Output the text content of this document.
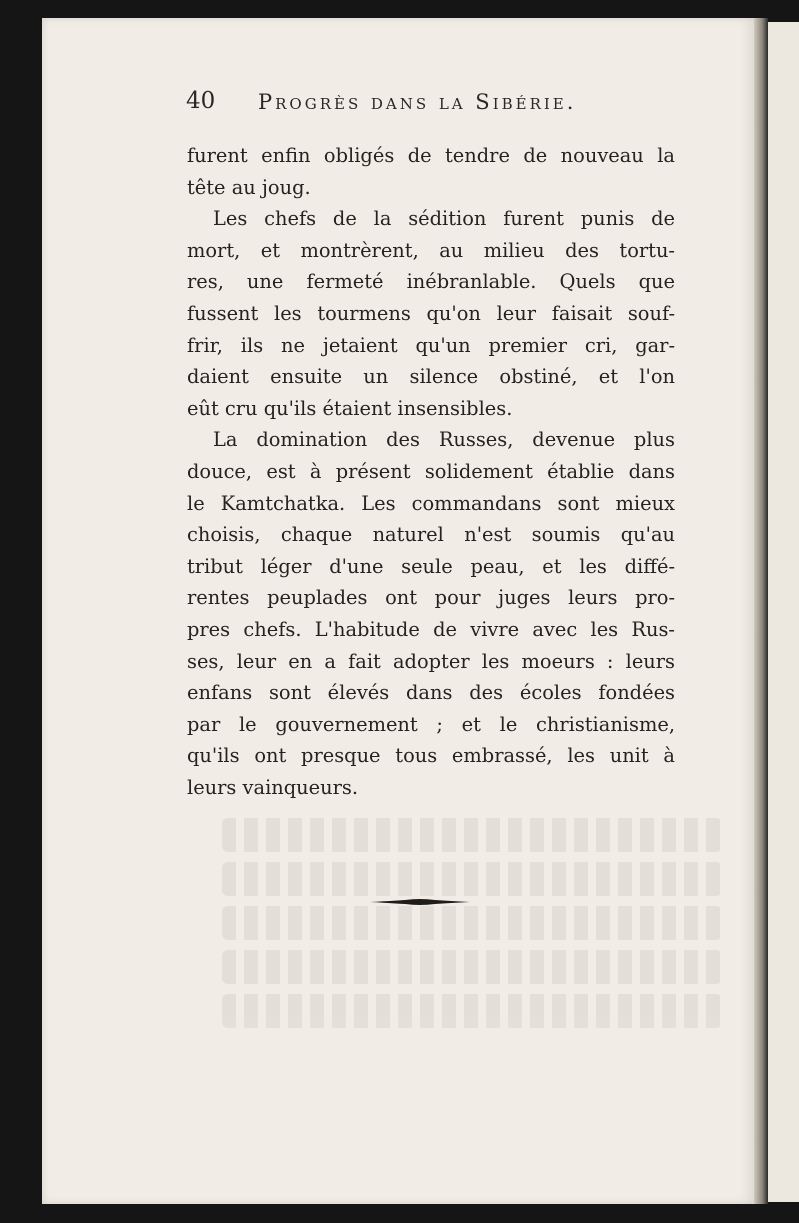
40 Progrès dans la Sibérie.
furent enfin obligés de tendre de nouveau la
tête au joug.
Les chefs de la sédition furent punis de
mort, et montrèrent, au milieu des tortu-
res, une fermeté inébranlable. Quels que
fussent les tourmens qu'on leur faisait souf-
frir, ils ne jetaient qu'un premier cri, gar-
daient ensuite un silence obstiné, et l'on
eût cru qu'ils étaient insensibles.
La domination des Russes, devenue plus
douce, est à présent solidement établie dans
le Kamtchatka. Les commandans sont mieux
choisis, chaque naturel n'est soumis qu'au
tribut léger d'une seule peau, et les diffé-
rentes peuplades ont pour juges leurs pro-
pres chefs. L'habitude de vivre avec les Rus-
ses, leur en a fait adopter les moeurs : leurs
enfans sont élevés dans des écoles fondées
par le gouvernement ; et le christianisme,
qu'ils ont presque tous embrassé, les unit à
leurs vainqueurs.
